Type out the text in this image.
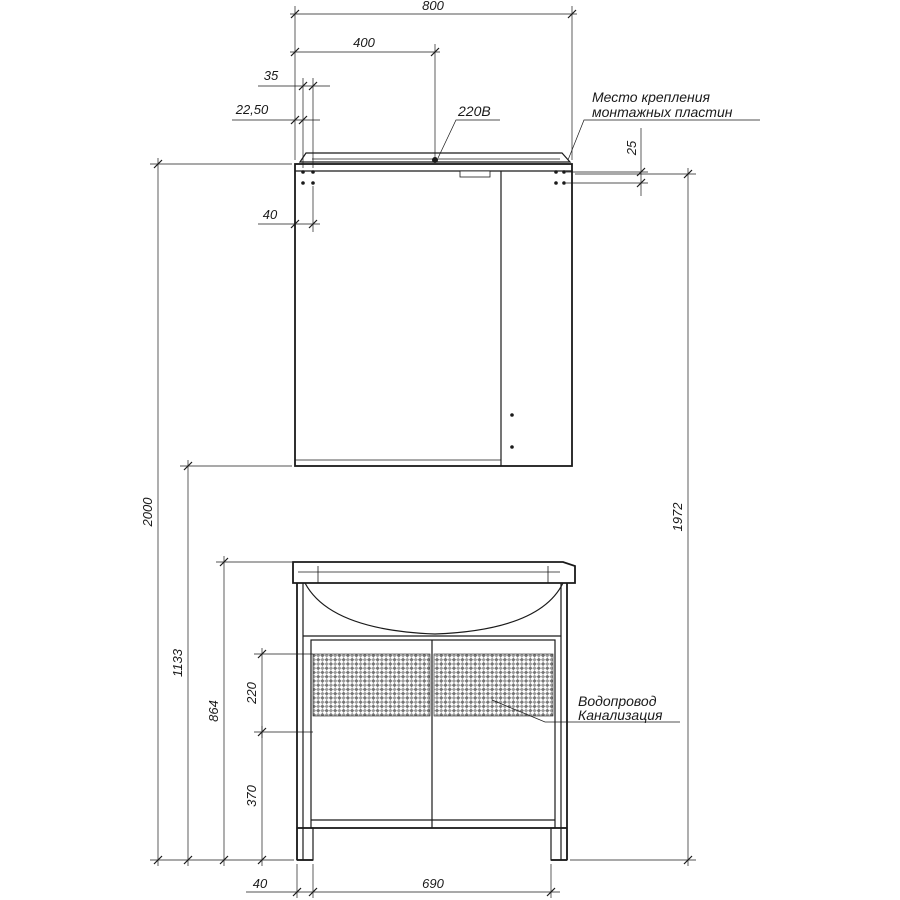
800
400
35
22,50
40
25
2000	1972
1133
864
220
370
40	690
220В
Место крепления
монтажных пластин
Водопровод
Канализация
